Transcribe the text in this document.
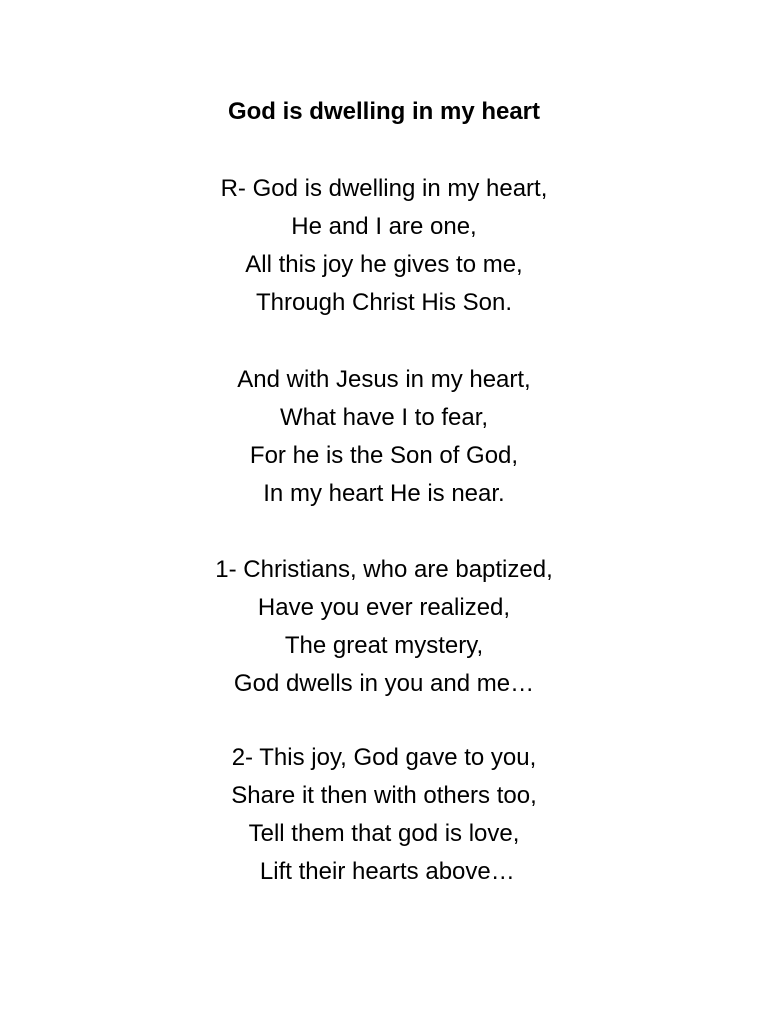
God is dwelling in my heart
R- God is dwelling in my heart,
He and I are one,
All this joy he gives to me,
Through Christ His Son.
And with Jesus in my heart,
What have I to fear,
For he is the Son of God,
In my heart He is near.
1- Christians, who are baptized,
Have you ever realized,
The great mystery,
God dwells in you and me…
2- This joy, God gave to you,
Share it then with others too,
Tell them that god is love,
Lift their hearts above…
